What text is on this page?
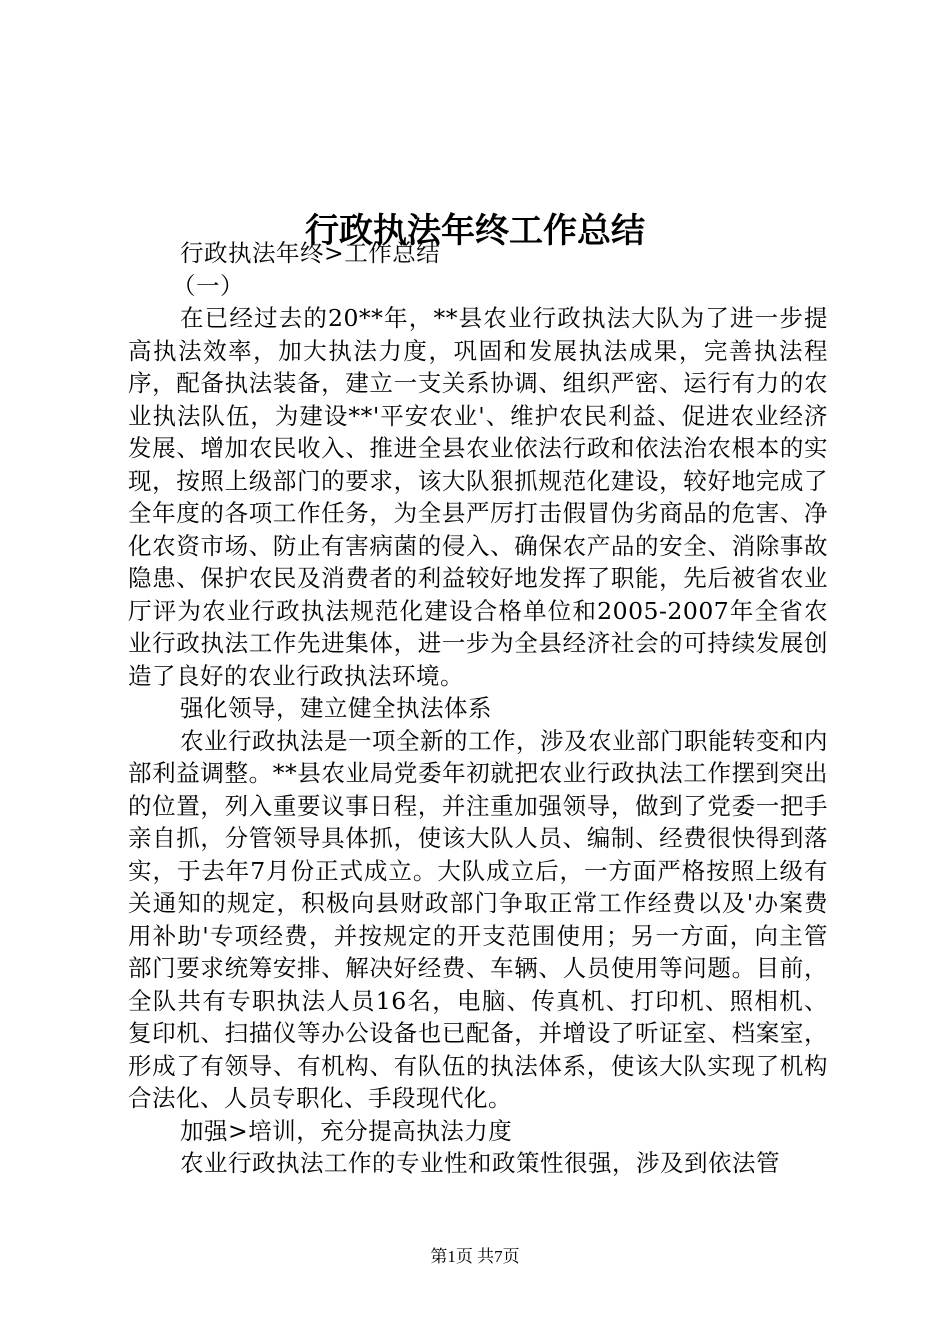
行政执法年终工作总结

行政执法年终>工作总结

（一）

在已经过去的20**年，**县农业行政执法大队为了进一步提高执法效率，加大执法力度，巩固和发展执法成果，完善执法程序，配备执法装备，建立一支关系协调、组织严密、运行有力的农业执法队伍，为建设**'平安农业'、维护农民利益、促进农业经济发展、增加农民收入、推进全县农业依法行政和依法治农根本的实现，按照上级部门的要求，该大队狠抓规范化建设，较好地完成了全年度的各项工作任务，为全县严厉打击假冒伪劣商品的危害、净化农资市场、防止有害病菌的侵入、确保农产品的安全、消除事故隐患、保护农民及消费者的利益较好地发挥了职能，先后被省农业厅评为农业行政执法规范化建设合格单位和2005-2007年全省农业行政执法工作先进集体，进一步为全县经济社会的可持续发展创造了良好的农业行政执法环境。

强化领导，建立健全执法体系

农业行政执法是一项全新的工作，涉及农业部门职能转变和内部利益调整。**县农业局党委年初就把农业行政执法工作摆到突出的位置，列入重要议事日程，并注重加强领导，做到了党委一把手亲自抓，分管领导具体抓，使该大队人员、编制、经费很快得到落实，于去年7月份正式成立。大队成立后，一方面严格按照上级有关通知的规定，积极向县财政部门争取正常工作经费以及'办案费用补助'专项经费，并按规定的开支范围使用；另一方面，向主管部门要求统筹安排、解决好经费、车辆、人员使用等问题。目前，全队共有专职执法人员16名，电脑、传真机、打印机、照相机、复印机、扫描仪等办公设备也已配备，并增设了听证室、档案室，形成了有领导、有机构、有队伍的执法体系，使该大队实现了机构合法化、人员专职化、手段现代化。

加强>培训，充分提高执法力度

农业行政执法工作的专业性和政策性很强，涉及到依法管

第1页 共7页
